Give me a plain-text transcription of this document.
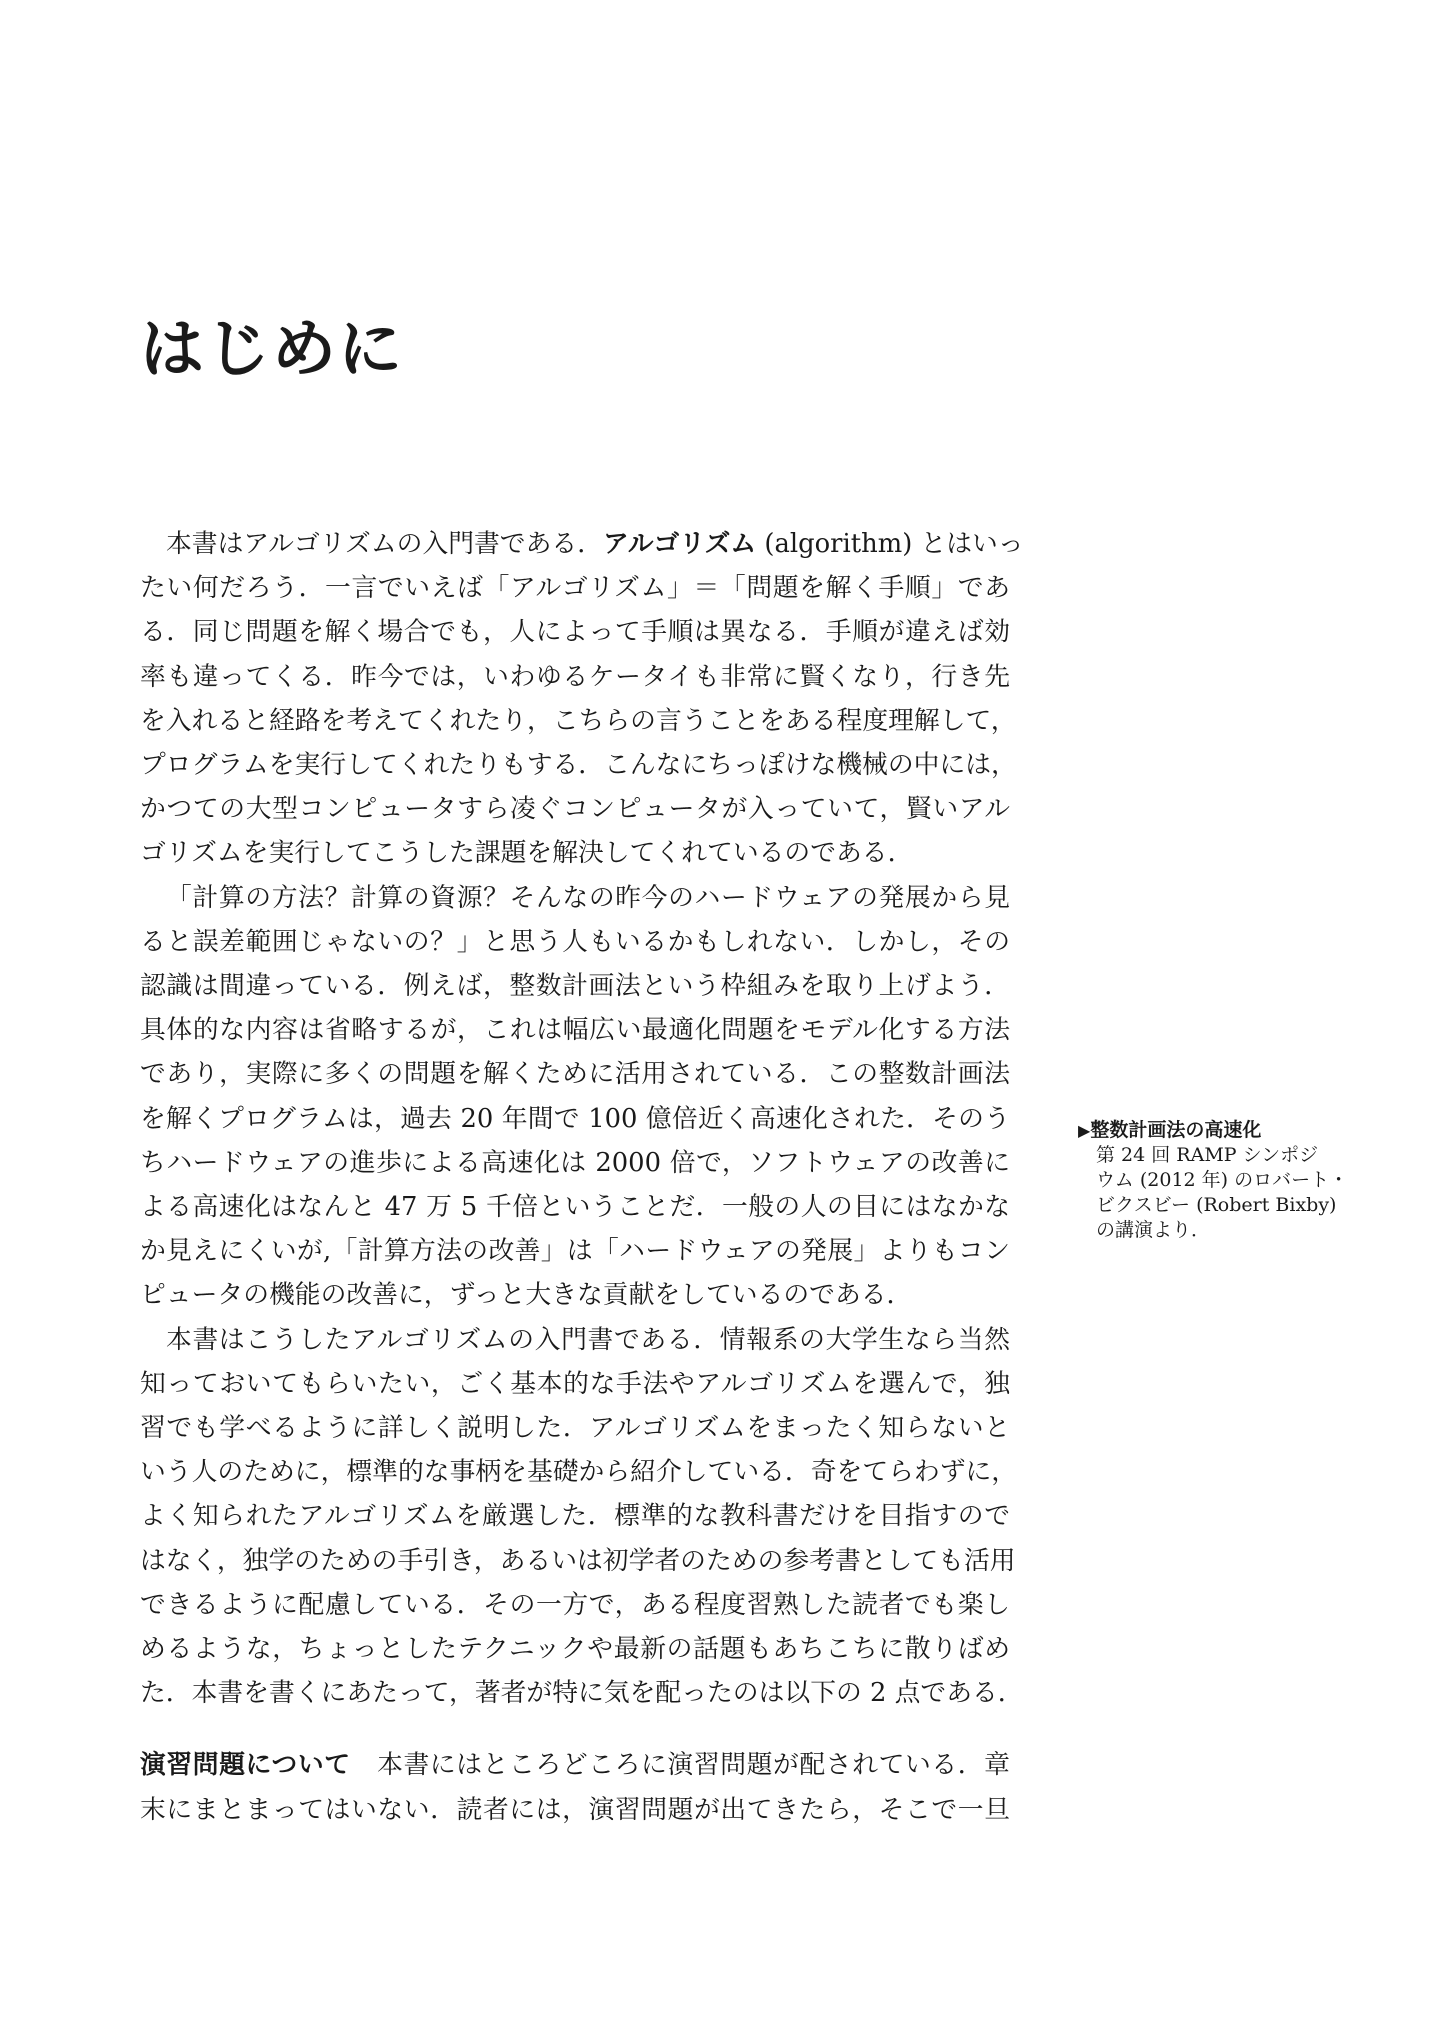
はじめに

本書はアルゴリズムの入門書である．アルゴリズム (algorithm) とはいっ
たい何だろう．一言でいえば「アルゴリズム」＝「問題を解く手順」であ
る．同じ問題を解く場合でも，人によって手順は異なる．手順が違えば効
率も違ってくる．昨今では，いわゆるケータイも非常に賢くなり，行き先
を入れると経路を考えてくれたり，こちらの言うことをある程度理解して，
プログラムを実行してくれたりもする．こんなにちっぽけな機械の中には，
かつての大型コンピュータすら凌ぐコンピュータが入っていて，賢いアル
ゴリズムを実行してこうした課題を解決してくれているのである．

「計算の方法？計算の資源？そんなの昨今のハードウェアの発展から見
ると誤差範囲じゃないの？」と思う人もいるかもしれない．しかし，その
認識は間違っている．例えば，整数計画法という枠組みを取り上げよう．
具体的な内容は省略するが，これは幅広い最適化問題をモデル化する方法
であり，実際に多くの問題を解くために活用されている．この整数計画法
を解くプログラムは，過去 20 年間で 100 億倍近く高速化された．そのう
ちハードウェアの進歩による高速化は 2000 倍で，ソフトウェアの改善に
よる高速化はなんと 47 万 5 千倍ということだ．一般の人の目にはなかな
か見えにくいが,「計算方法の改善」は「ハードウェアの発展」よりもコン
ピュータの機能の改善に，ずっと大きな貢献をしているのである．

本書はこうしたアルゴリズムの入門書である．情報系の大学生なら当然
知っておいてもらいたい，ごく基本的な手法やアルゴリズムを選んで，独
習でも学べるように詳しく説明した．アルゴリズムをまったく知らないと
いう人のために，標準的な事柄を基礎から紹介している．奇をてらわずに，
よく知られたアルゴリズムを厳選した．標準的な教科書だけを目指すので
はなく，独学のための手引き，あるいは初学者のための参考書としても活用
できるように配慮している．その一方で，ある程度習熟した読者でも楽し
めるような，ちょっとしたテクニックや最新の話題もあちこちに散りばめ
た．本書を書くにあたって，著者が特に気を配ったのは以下の 2 点である．

演習問題について　 本書にはところどころに演習問題が配されている．章
末にまとまってはいない．読者には，演習問題が出てきたら，そこで一旦

▶整数計画法の高速化
第 24 回 RAMP シンポジ
ウム (2012 年) のロバート・
ビクスビー (Robert Bixby)
の講演より．
